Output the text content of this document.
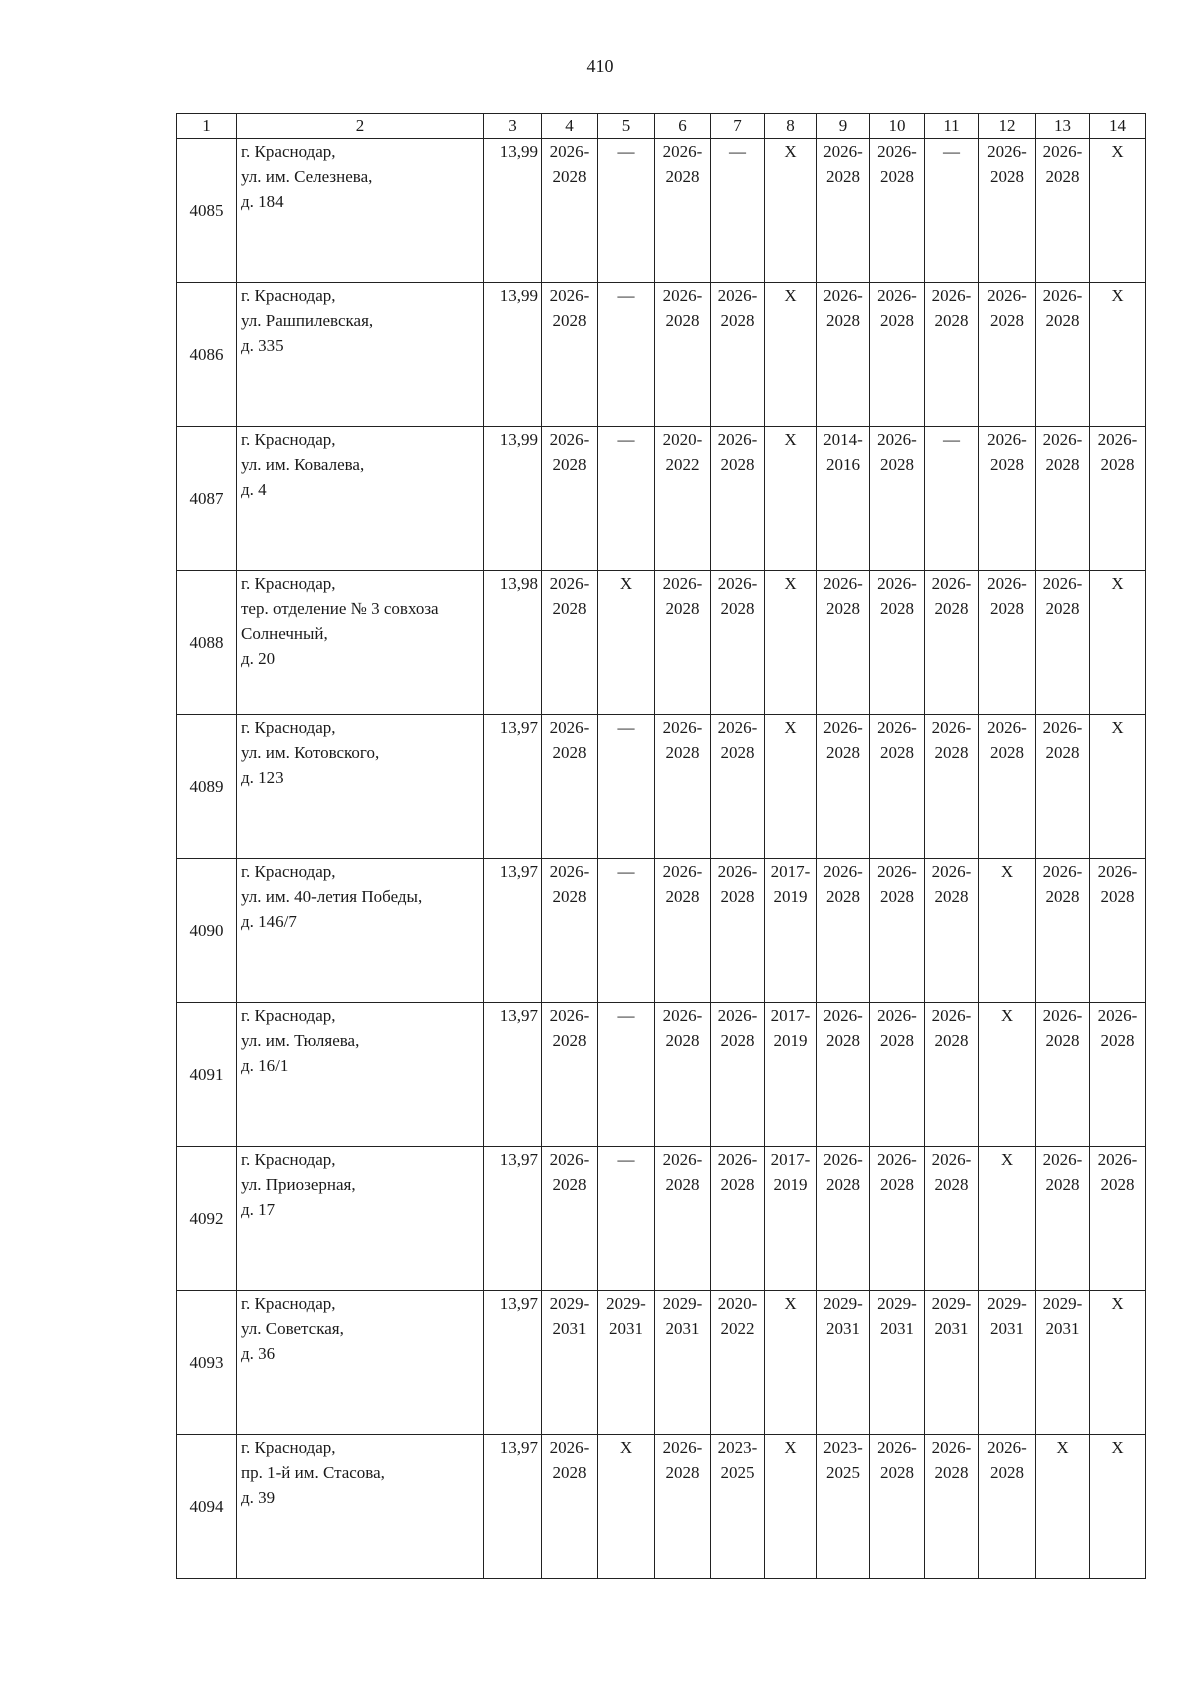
410
1	2	3	4	5	6	7	8	9	10	11	12	13	14
4085	г. Краснодар,
ул. им. Селезнева,
д. 184	13,99	2026-
2028	—	2026-
2028	—	Х	2026-
2028	2026-
2028	—	2026-
2028	2026-
2028	Х

4086	г. Краснодар,
ул. Рашпилевская,
д. 335	13,99	2026-
2028	—	2026-
2028	2026-
2028	Х	2026-
2028	2026-
2028	2026-
2028	2026-
2028	2026-
2028	Х

4087	г. Краснодар,
ул. им. Ковалева,
д. 4	13,99	2026-
2028	—	2020-
2022	2026-
2028	Х	2014-
2016	2026-
2028	—	2026-
2028	2026-
2028	2026-
2028

4088	г. Краснодар,
тер. отделение № 3 совхоза
Солнечный,
д. 20	13,98	2026-
2028	Х	2026-
2028	2026-
2028	Х	2026-
2028	2026-
2028	2026-
2028	2026-
2028	2026-
2028	Х

4089	г. Краснодар,
ул. им. Котовского,
д. 123	13,97	2026-
2028	—	2026-
2028	2026-
2028	Х	2026-
2028	2026-
2028	2026-
2028	2026-
2028	2026-
2028	Х

4090	г. Краснодар,
ул. им. 40-летия Победы,
д. 146/7	13,97	2026-
2028	—	2026-
2028	2026-
2028	2017-
2019	2026-
2028	2026-
2028	2026-
2028	Х	2026-
2028	2026-
2028

4091	г. Краснодар,
ул. им. Тюляева,
д. 16/1	13,97	2026-
2028	—	2026-
2028	2026-
2028	2017-
2019	2026-
2028	2026-
2028	2026-
2028	Х	2026-
2028	2026-
2028

4092	г. Краснодар,
ул. Приозерная,
д. 17	13,97	2026-
2028	—	2026-
2028	2026-
2028	2017-
2019	2026-
2028	2026-
2028	2026-
2028	Х	2026-
2028	2026-
2028

4093	г. Краснодар,
ул. Советская,
д. 36	13,97	2029-
2031	2029-
2031	2029-
2031	2020-
2022	Х	2029-
2031	2029-
2031	2029-
2031	2029-
2031	2029-
2031	Х

4094	г. Краснодар,
пр. 1-й им. Стасова,
д. 39	13,97	2026-
2028	Х	2026-
2028	2023-
2025	Х	2023-
2025	2026-
2028	2026-
2028	2026-
2028	Х	Х
